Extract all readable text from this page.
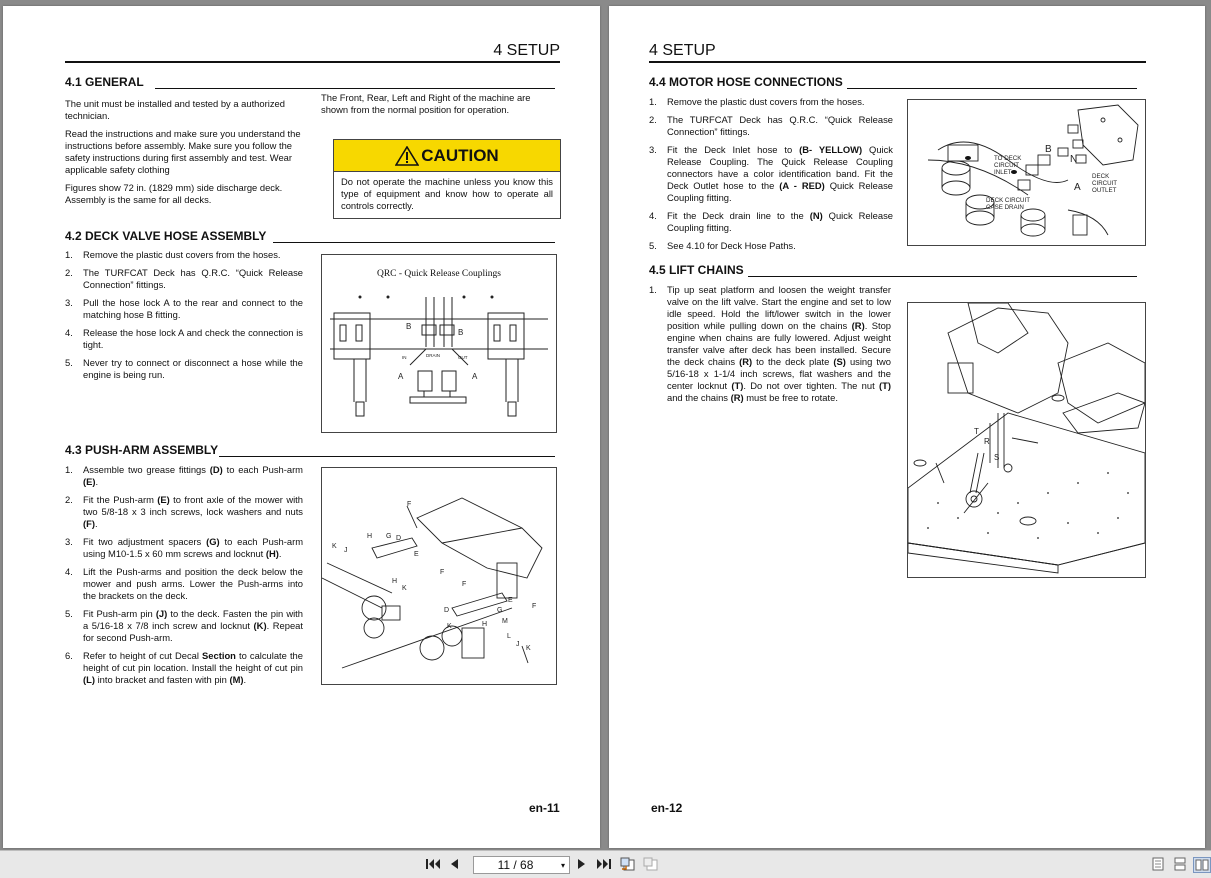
4 SETUP
4.1 GENERAL
The unit must be installed and tested by a authorized technician.
Read the instructions and make sure you understand the instructions before assembly. Make sure you follow the safety instructions during first assembly and test. Wear applicable safety clothing
Figures show 72 in. (1829 mm) side discharge deck. Assembly is the same for all decks.
The Front, Rear, Left and Right of the machine are shown from the normal position for operation.
CAUTION
Do not operate the machine unless you know this type of equipment and know how to operate all controls correctly.
4.2 DECK VALVE HOSE ASSEMBLY
1. Remove the plastic dust covers from the hoses.
2. The TURFCAT Deck has Q.R.C. “Quick Release Connection” fittings.
3. Pull the hose lock A to the rear and connect to the matching hose B fitting.
4. Release the hose lock A and check the connection is tight.
5. Never try to connect or disconnect a hose while the engine is being run.
QRC - Quick Release Couplings
B
B
A	A
DRAIN
IN	OUT
4.3 PUSH-ARM ASSEMBLY
1. Assemble two grease fittings (D) to each Push-arm (E).
2. Fit the Push-arm (E) to front axle of the mower with two 5/8-18 x 3 inch screws, lock washers and nuts (F).
3. Fit two adjustment spacers (G) to each Push-arm using M10-1.5 x 60 mm screws and locknut (H).
4. Lift the Push-arms and position the deck below the mower and push arms. Lower the Push-arms into the brackets on the deck.
5. Fit Push-arm pin (J) to the deck. Fasten the pin with a 5/16-18 x 7/8 inch screw and locknut (K). Repeat for second Push-arm.
6. Refer to height of cut Decal Section to calculate the height of cut pin location. Install the height of cut pin (L) into bracket and fasten with pin (M).
F
H G D
K
J
E
F
F
D
E
G
F
K	H M
L
J
K
H
K
en-11
4 SETUP
4.4 MOTOR HOSE CONNECTIONS
1. Remove the plastic dust covers from the hoses.
2. The TURFCAT Deck has Q.R.C. “Quick Release Connection” fittings.
3. Fit the Deck Inlet hose to (B- YELLOW) Quick Release Coupling. The Quick Release Coupling connectors have a color identification band. Fit the Deck Outlet hose to the (A - RED) Quick Release Coupling fitting.
4. Fit the Deck drain line to the (N) Quick Release Coupling fitting.
5. See 4.10 for Deck Hose Paths.
B
N
A
TO DECK CIRCUIT INLET
DECK CIRCUIT OUTLET
DECK CIRCUIT CASE DRAIN
4.5 LIFT CHAINS
1. Tip up seat platform and loosen the weight transfer valve on the lift valve. Start the engine and set to low idle speed. Hold the lift/lower switch in the lower position while pulling down on the chains (R). Stop engine when chains are fully lowered. Adjust weight transfer valve after deck has been installed. Secure the deck chains (R) to the deck plate (S) using two 5/16-18 x 1-1/4 inch screws, flat washers and the center locknut (T). Do not over tighten. The nut (T) and the chains (R) must be free to rotate.
T
R
S
en-12
11 / 68	▾
